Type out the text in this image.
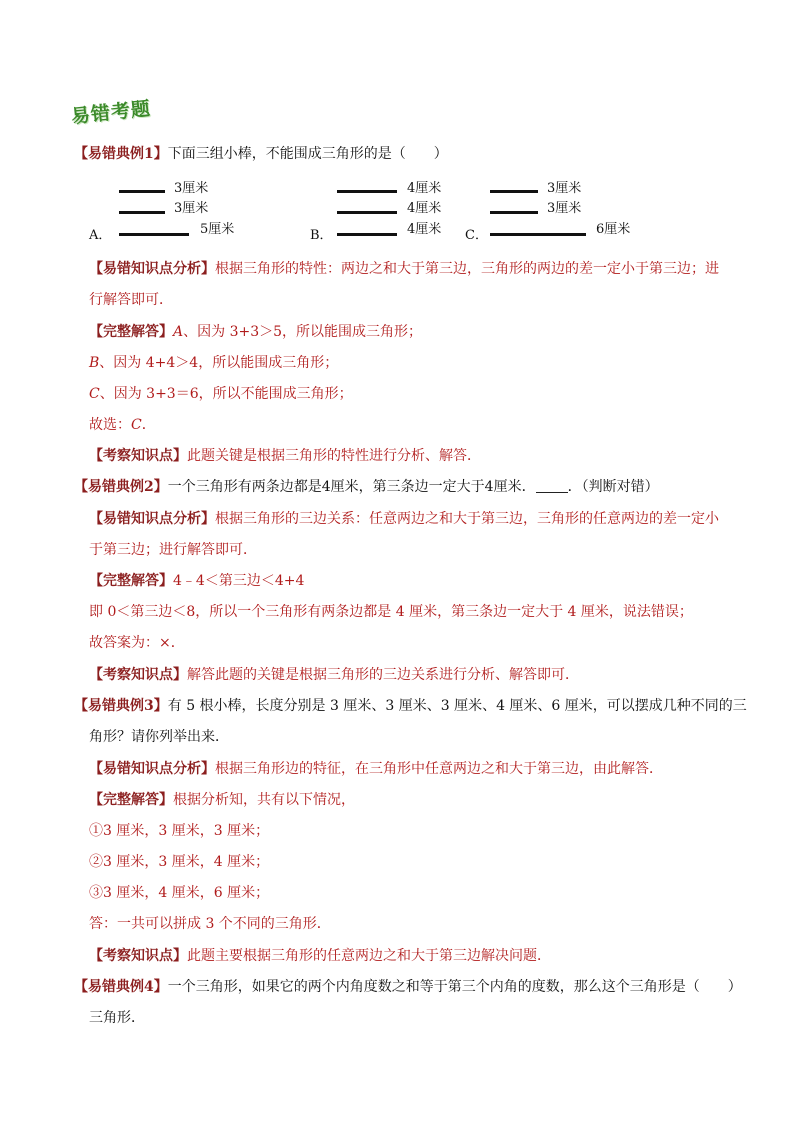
易错考题
【易错典例1】下面三组小棒，不能围成三角形的是（　　）
3厘米
3厘米
A．	5厘米
4厘米
4厘米
B．	4厘米
3厘米
3厘米
C．	6厘米
【易错知识点分析】根据三角形的特性：两边之和大于第三边，三角形的两边的差一定小于第三边；进
行解答即可．
【完整解答】A、因为 3+3＞5，所以能围成三角形；
B、因为 4+4＞4，所以能围成三角形；
C、因为 3+3＝6，所以不能围成三角形；
故选：C．
【考察知识点】此题关键是根据三角形的特性进行分析、解答．
【易错典例2】一个三角形有两条边都是4厘米，第三条边一定大于4厘米． ．（判断对错）
【易错知识点分析】根据三角形的三边关系：任意两边之和大于第三边，三角形的任意两边的差一定小
于第三边；进行解答即可．
【完整解答】4﹣4＜第三边＜4+4
即 0＜第三边＜8，所以一个三角形有两条边都是 4 厘米，第三条边一定大于 4 厘米，说法错误；
故答案为：×．
【考察知识点】解答此题的关键是根据三角形的三边关系进行分析、解答即可．
【易错典例3】有 5 根小棒，长度分别是 3 厘米、3 厘米、3 厘米、4 厘米、6 厘米，可以摆成几种不同的三
角形？请你列举出来．
【易错知识点分析】根据三角形边的特征，在三角形中任意两边之和大于第三边，由此解答．
【完整解答】根据分析知，共有以下情况，
①3 厘米，3 厘米，3 厘米；
②3 厘米，3 厘米，4 厘米；
③3 厘米，4 厘米，6 厘米；
答：一共可以拼成 3 个不同的三角形．
【考察知识点】此题主要根据三角形的任意两边之和大于第三边解决问题．
【易错典例4】一个三角形，如果它的两个内角度数之和等于第三个内角的度数，那么这个三角形是（　　）
三角形．
